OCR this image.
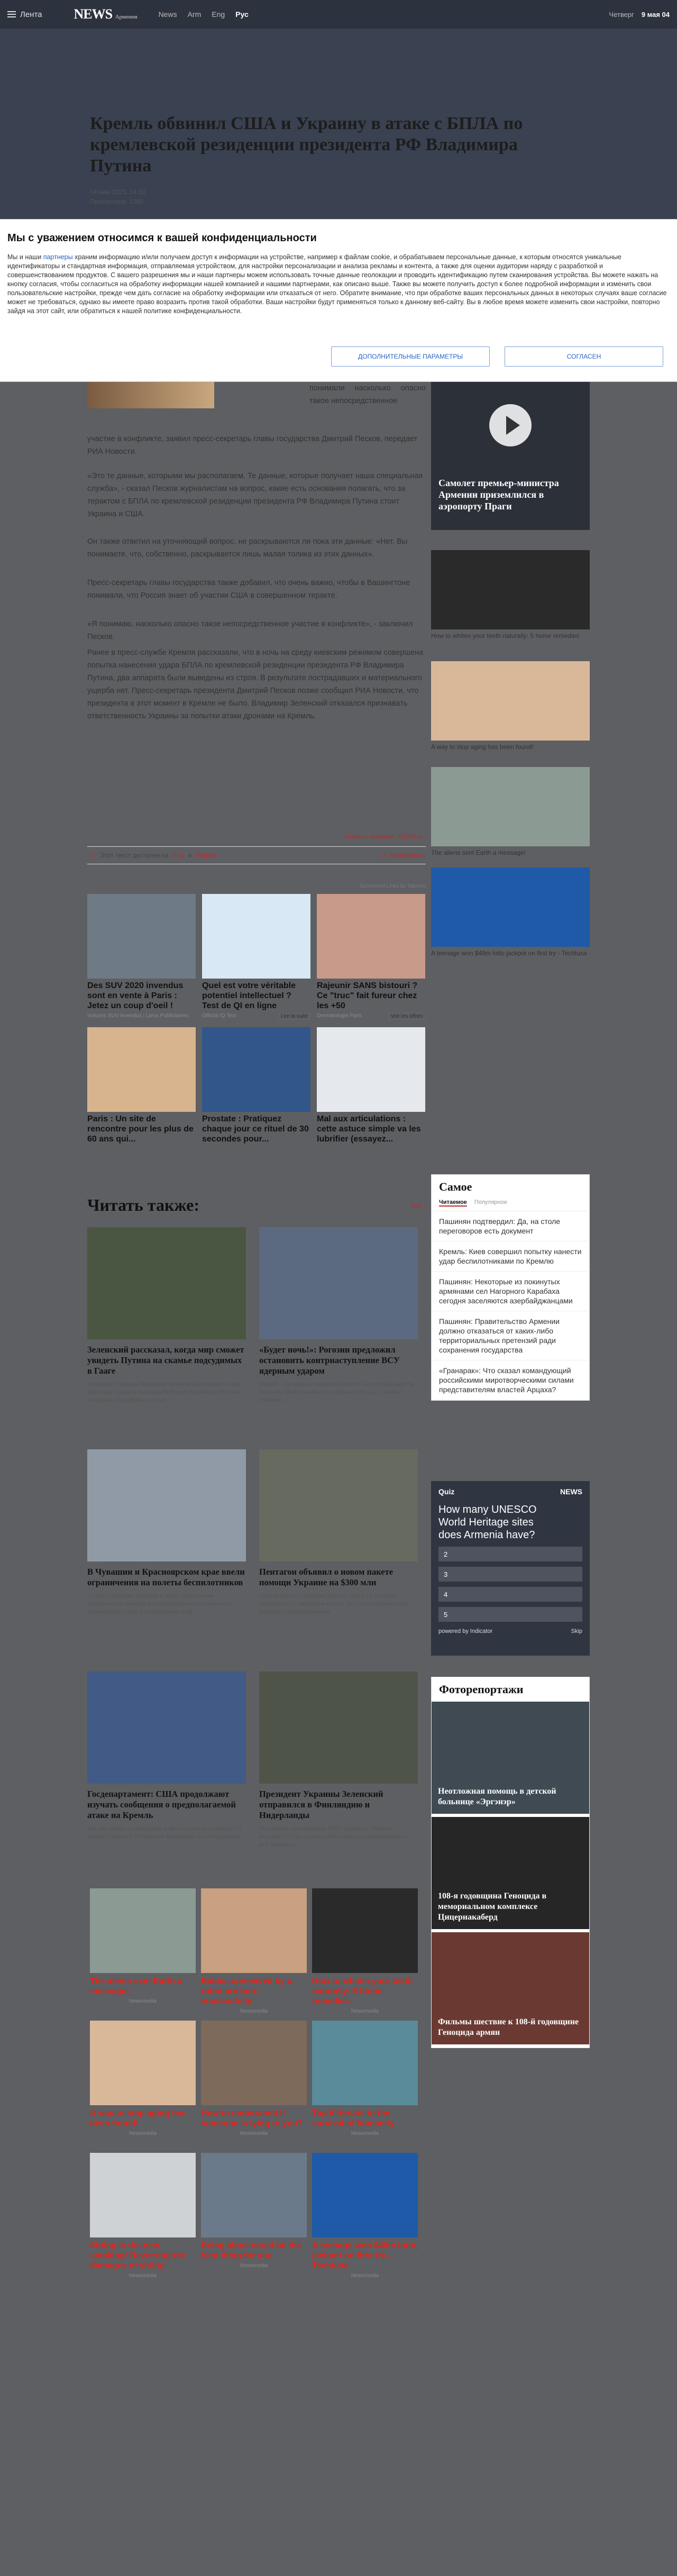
Лента NEWS Армения	News Arm Eng Рус	Четверг 9 мая 04
Кремль обвинил США и Украину в атаке с БПЛА по кремлевской резиденции президента РФ Владимира Путина
04 мая 2023, 14:30
Просмотров: 1280
Мы с уважением относимся к вашей конфиденциальности

Мы и наши партнеры храним информацию и/или получаем доступ к информации на устройстве, например к файлам cookie, и обрабатываем персональные данные, к которым относятся уникальные идентификаторы и стандартная информация, отправляемая устройством, для настройки персонализации и анализа рекламы и контента, а также для оценки аудитории наряду с разработкой и совершенствованием продуктов. С вашего разрешения мы и наши партнеры можем использовать точные данные геолокации и проводить идентификацию путем сканирования устройства. Вы можете нажать на кнопку согласия, чтобы согласиться на обработку информации нашей компанией и нашими партнерами, как описано выше. Также вы можете получить доступ к более подробной информации и изменить свои пользовательские настройки, прежде чем дать согласие на обработку информации или отказаться от него. Обратите внимание, что при обработке ваших персональных данных в некоторых случаях ваше согласие может не требоваться, однако вы имеете право возразить против такой обработки. Ваши настройки будут применяться только к данному веб-сайту. Вы в любое время можете изменить свои настройки, повторно зайдя на этот сайт, или обратиться к нашей политике конфиденциальности.

ДОПОЛНИТЕЛЬНЫЕ ПАРАМЕТРЫ	СОГЛАСЕН
понимали насколько опасно такое непосредственное
участие в конфликте, заявил пресс-секретарь главы государства Дмитрий Песков, передает РИА Новости.
«Это те данные, которыми мы располагаем. Те данные, которые получает наша специальная служба», - сказал Песков журналистам на вопрос, какие есть основания полагать, что за терактом с БПЛА по кремлевской резиденции президента РФ Владимира Путина стоит Украина и США.
Он также ответил на уточняющий вопрос, не раскрываются ли пока эти данные: «Нет. Вы понимаете, что, собственно, раскрывается лишь малая толика из этих данных».
Пресс-секретарь главы государства также добавил, что очень важно, чтобы в Вашингтоне понимали, что Россия знает об участии США в совершенном теракте.
«Я понимаю, насколько опасно такое непосредственное участие в конфликте», - заключил Песков.
Ранее в пресс-службе Кремля рассказали, что в ночь на среду киевским режимом совершена попытка нанесения удара БПЛА по кремлевской резиденции президента РФ Владимира Путина, два аппарата были выведены из строя. В результате пострадавших и материального ущерба нет. Пресс-секретарь президента Дмитрий Песков позже сообщил РИА Новости, что президента в этот момент в Кремле не было. Владимир Зеленский отказался признавать ответственность Украины за попытки атаки дронами на Кремль.
Новости Армении - NEWS.am
ⓘ Этот текст доступен на Eng и English	⎙ Распечатать
Sponsored Links by Taboola
Des SUV 2020 invendus sont en vente à Paris : Jetez un coup d'oeil !
Voitures SUV Invendus | Liens Publicitaires
Quel est votre véritable potentiel intellectuel ? Test de QI en ligne
Official IQ Test	Lire la suite
Rajeunir SANS bistouri ? Ce "truc" fait fureur chez les +50
Dermatologie Paris	Voir les offres
Paris : Un site de rencontre pour les plus de 60 ans qui...
Prostate : Pratiquez chaque jour ce rituel de 30 secondes pour...
Mal aux articulations : cette astuce simple va les lubrifier (essayez...
Читать также:	Все ›
Зеленский рассказал, когда мир сможет увидеть Путина на скамье подсудимых в Гааге
Президент Украины Владимир Зеленский рассказал, когда мир может увидеть президента России Владимира Путина на скамье подсудимых в Гааге.
«Будет ночь!»: Рогозин предложил остановить контрнаступление ВСУ ядерным ударом
Второй – так один из вариантов ответа, на который надо бы получить ответ за многие последние месяцы, – такими словами...
В Чувашии и Красноярском крае ввели ограничения на полеты беспилотников
Соответствующие решения в целях обеспечения безопасности приняли антитеррористическая комиссия Красноярского края и оперативный штаб.
Пентагон объявил о новом пакете помощи Украине на $300 млн
США впервые отправляют ракеты Hydra-70, которые запускаются с самолетов и могут быть использованы для ведущей подразделениями.
Госдепартамент: США продолжают изучать сообщения о предполагаемой атаке на Кремль
Мы, как сказал госсекретарь, и Вы относитесь ко всему, что говорит Кремль и Российская Федерация со скептицизмом.
Президент Украины Зеленский отправился в Финляндию и Нидерланды
По данным телекомпании NOS, президент Украины выступит в Гааге с речью «Нет мира без справедливости для Украины».
The aliens sent Earth a message!
Newsmedia
Babies conceived by a robot are born successfully
Newsmedia
How to whiten your teeth naturally: 5 home remedies
Newsmedia
A way to stop aging has been found!
Newsmedia
How to understand if someone is lying to you?
Newsmedia
Top 6 threats to the survival of humanity
Newsmedia
Sitting is the new smoking! Reversing the damages of sitting
Newsmedia
Being alone could be the best thing for you
Newsmedia
A teenage won $48m lotto jackpot on first try - Techtusa
Newsmedia
Самолет премьер-министра Армении приземлился в аэропорту Праги
How to whiten your teeth naturally: 5 home remedies
A way to stop aging has been found!
The aliens sent Earth a message!
A teenage won $48m lotto jackpot on first try - Techtusa
Самое
Читаемое Популярное
Пашинян подтвердил: Да, на столе переговоров есть документ
Кремль: Киев совершил попытку нанести удар беспилотниками по Кремлю
Пашинян: Некоторые из покинутых армянами сел Нагорного Карабаха сегодня заселяются азербайджанцами
Пашинян: Правительство Армении должно отказаться от каких-либо территориальных претензий ради сохранения государства
«Гранарак»: Что сказал командующий российскими миротворческими силами представителям властей Арцаха?
Quiz	NEWS
How many UNESCO World Heritage sites does Armenia have?
2
3
4
5
powered by Indicator	Skip
Фоторепортажи
Неотложная помощь в детской больнице «Эргэнэр»
108-я годовщина Геноцида в мемориальном комплексе Цицернакаберд
Фильмы шествие к 108-й годовщине Геноцида армян
1
